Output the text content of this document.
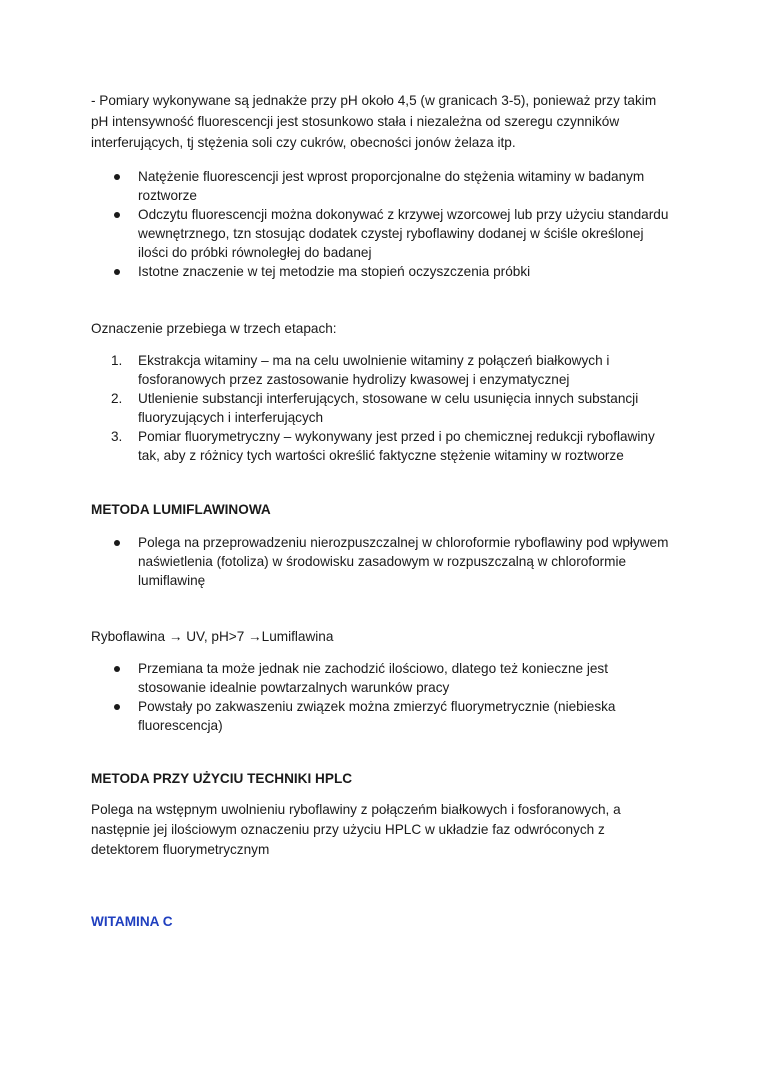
- Pomiary wykonywane są jednakże przy pH około 4,5 (w granicach 3-5), ponieważ przy takim pH intensywność fluorescencji jest stosunkowo stała i niezależna od szeregu czynników interferujących, tj stężenia soli czy cukrów, obecności jonów żelaza itp.

Natężenie fluorescencji jest wprost proporcjonalne do stężenia witaminy w badanym roztworze
Odczytu fluorescencji można dokonywać z krzywej wzorcowej lub przy użyciu standardu wewnętrznego, tzn stosując dodatek czystej ryboflawiny dodanej w ściśle określonej ilości do próbki równoległej do badanej
Istotne znaczenie w tej metodzie ma stopień oczyszczenia próbki

Oznaczenie przebiega w trzech etapach:

1. Ekstrakcja witaminy – ma na celu uwolnienie witaminy z połączeń białkowych i fosforanowych przez zastosowanie hydrolizy kwasowej i enzymatycznej
2. Utlenienie substancji interferujących, stosowane w celu usunięcia innych substancji fluoryzujących i interferujących
3. Pomiar fluorymetryczny – wykonywany jest przed i po chemicznej redukcji ryboflawiny tak, aby z różnicy tych wartości określić faktyczne stężenie witaminy w roztworze

METODA LUMIFLAWINOWA

Polega na przeprowadzeniu nierozpuszczalnej w chloroformie ryboflawiny pod wpływem naświetlenia (fotoliza) w środowisku zasadowym w rozpuszczalną w chloroformie lumiflawinę

Ryboflawina → UV, pH>7 →Lumiflawina

Przemiana ta może jednak nie zachodzić ilościowo, dlatego też konieczne jest stosowanie idealnie powtarzalnych warunków pracy
Powstały po zakwaszeniu związek można zmierzyć fluorymetrycznie (niebieska fluorescencja)

METODA PRZY UŻYCIU TECHNIKI HPLC

Polega na wstępnym uwolnieniu ryboflawiny z połączeńm białkowych i fosforanowych, a następnie jej ilościowym oznaczeniu przy użyciu HPLC w układzie faz odwróconych z detektorem fluorymetrycznym

WITAMINA C
